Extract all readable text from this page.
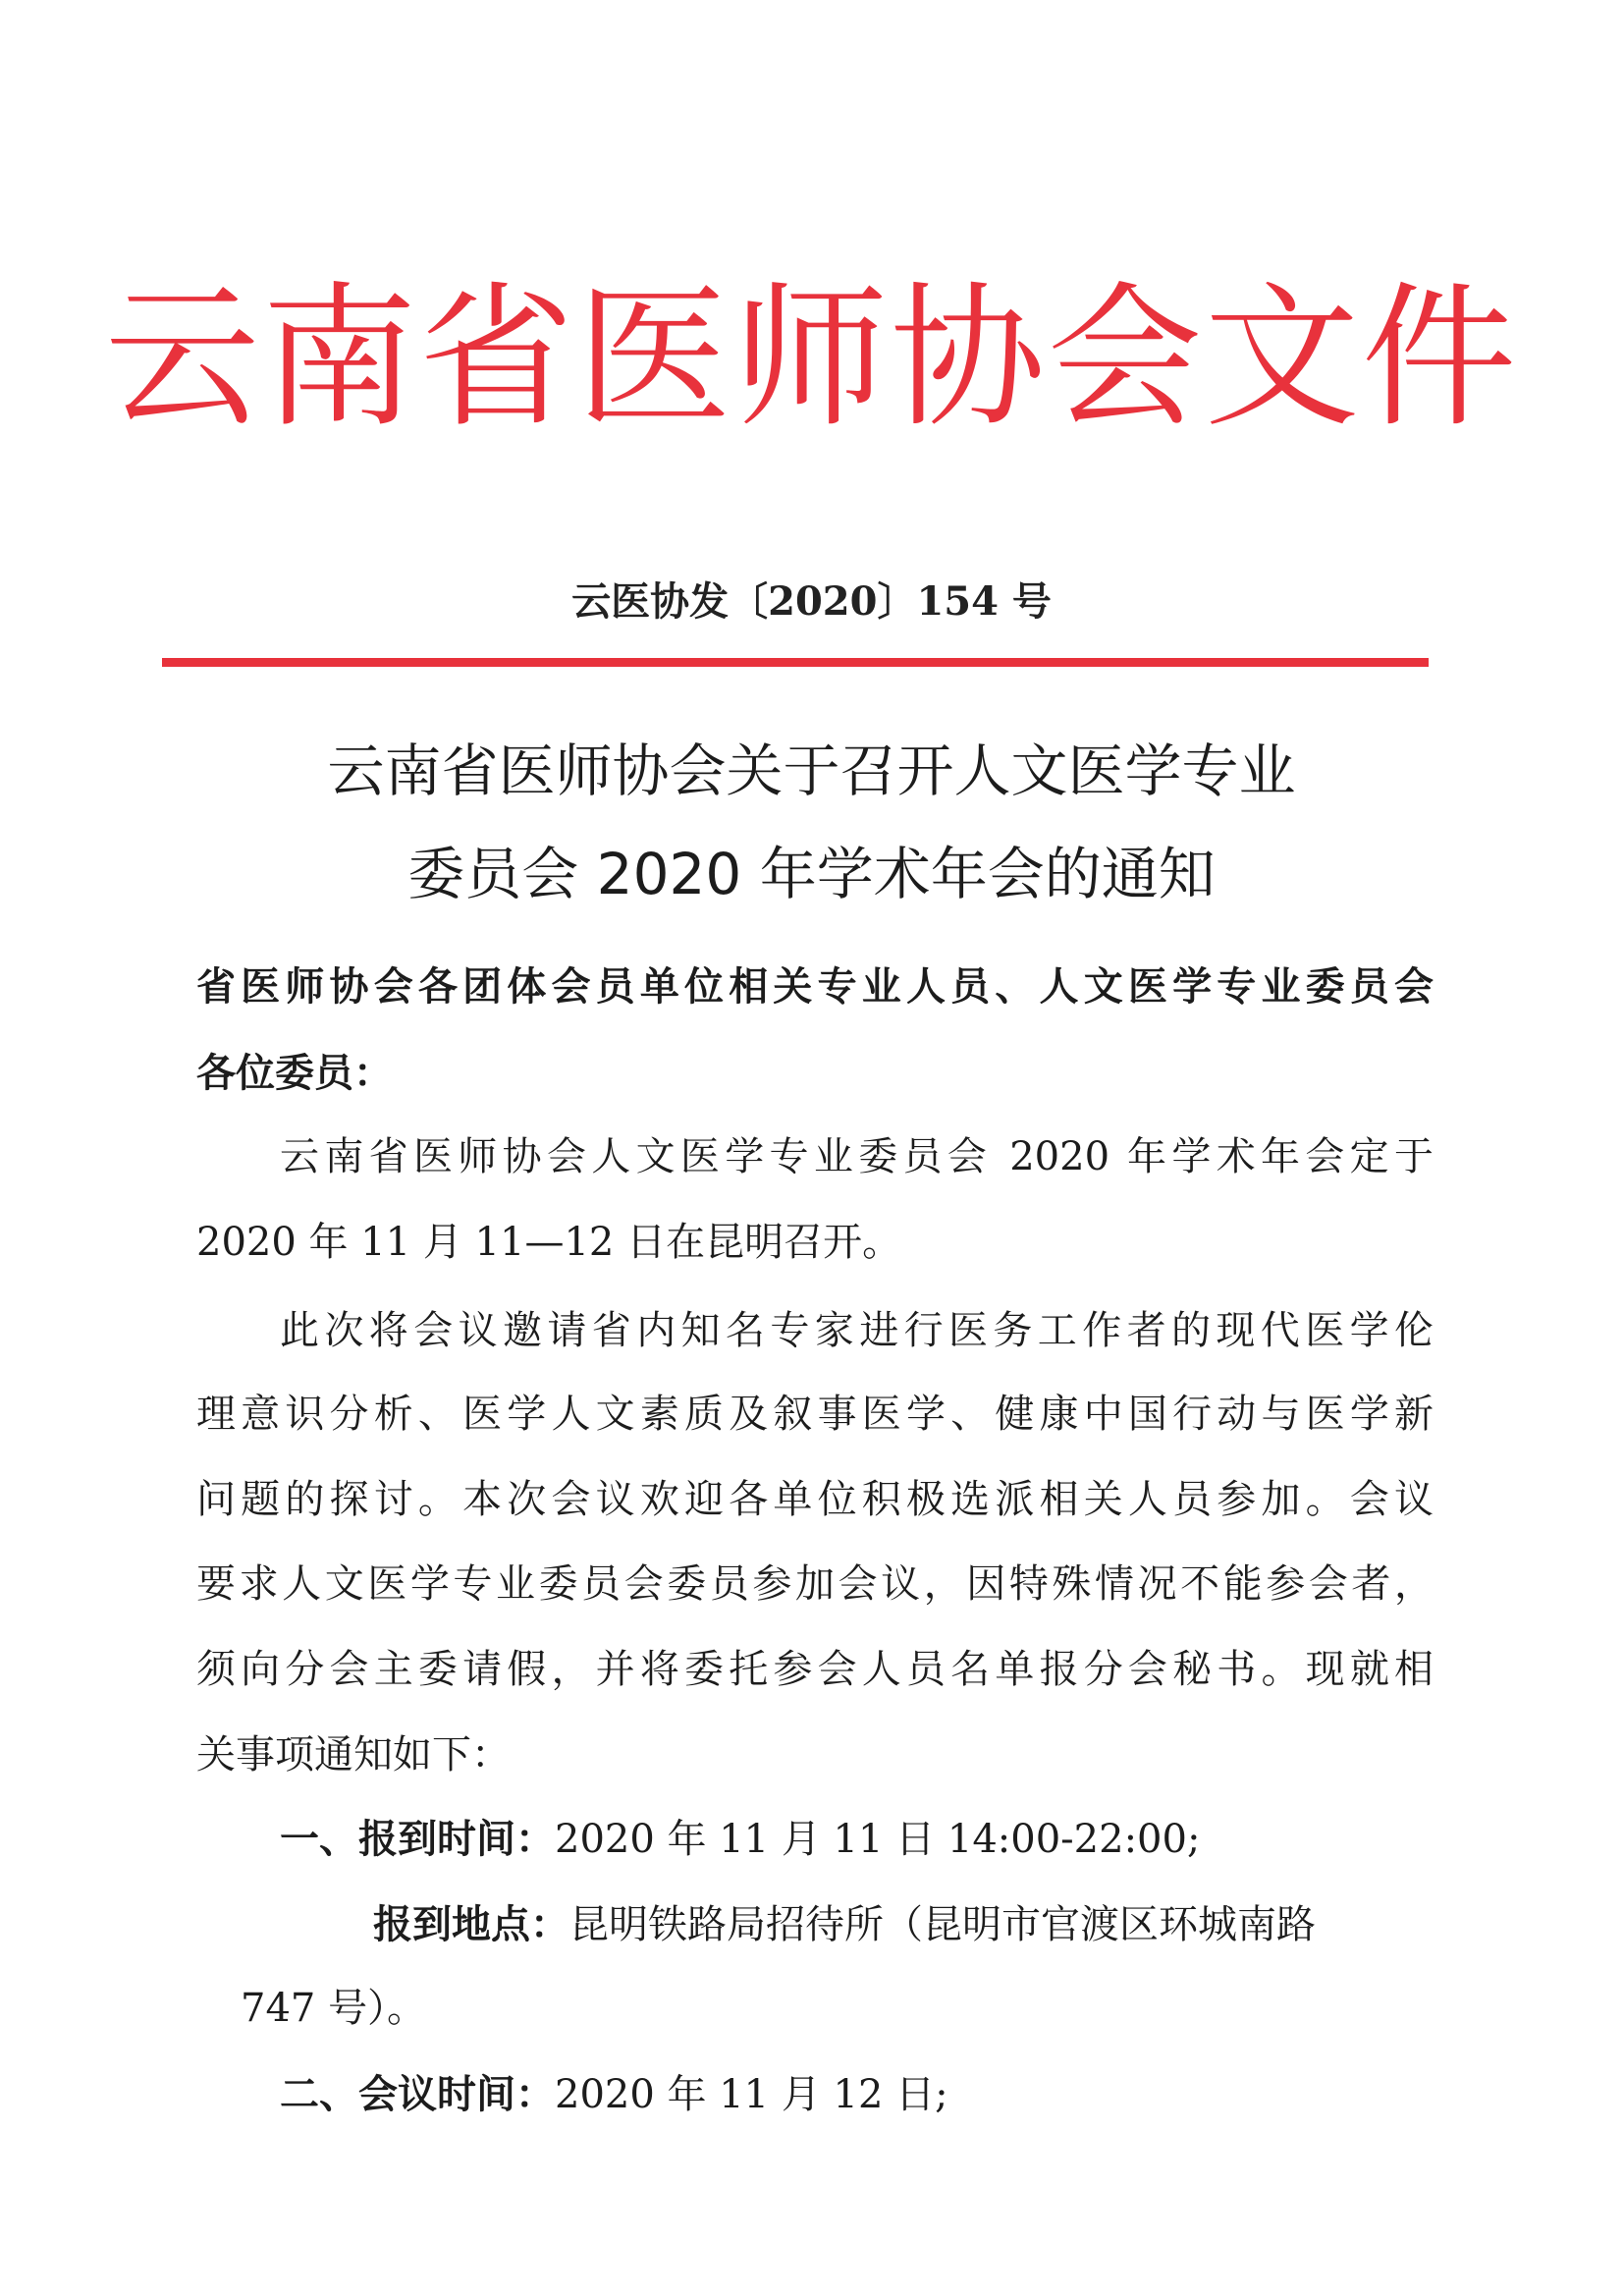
云南省医师协会文件
云医协发〔2020〕154 号
云南省医师协会关于召开人文医学专业
委员会 2020 年学术年会的通知
省医师协会各团体会员单位相关专业人员、人文医学专业委员会
各位委员：
云南省医师协会人文医学专业委员会 2020 年学术年会定于
2020 年 11 月 11—12 日在昆明召开。
此次将会议邀请省内知名专家进行医务工作者的现代医学伦
理意识分析、医学人文素质及叙事医学、健康中国行动与医学新
问题的探讨。本次会议欢迎各单位积极选派相关人员参加。会议
要求人文医学专业委员会委员参加会议，因特殊情况不能参会者，
须向分会主委请假，并将委托参会人员名单报分会秘书。现就相
关事项通知如下：
一、报到时间：2020 年 11 月 11 日 14:00-22:00;
报到地点：昆明铁路局招待所（昆明市官渡区环城南路
747 号）。
二、会议时间：2020 年 11 月 12 日;
